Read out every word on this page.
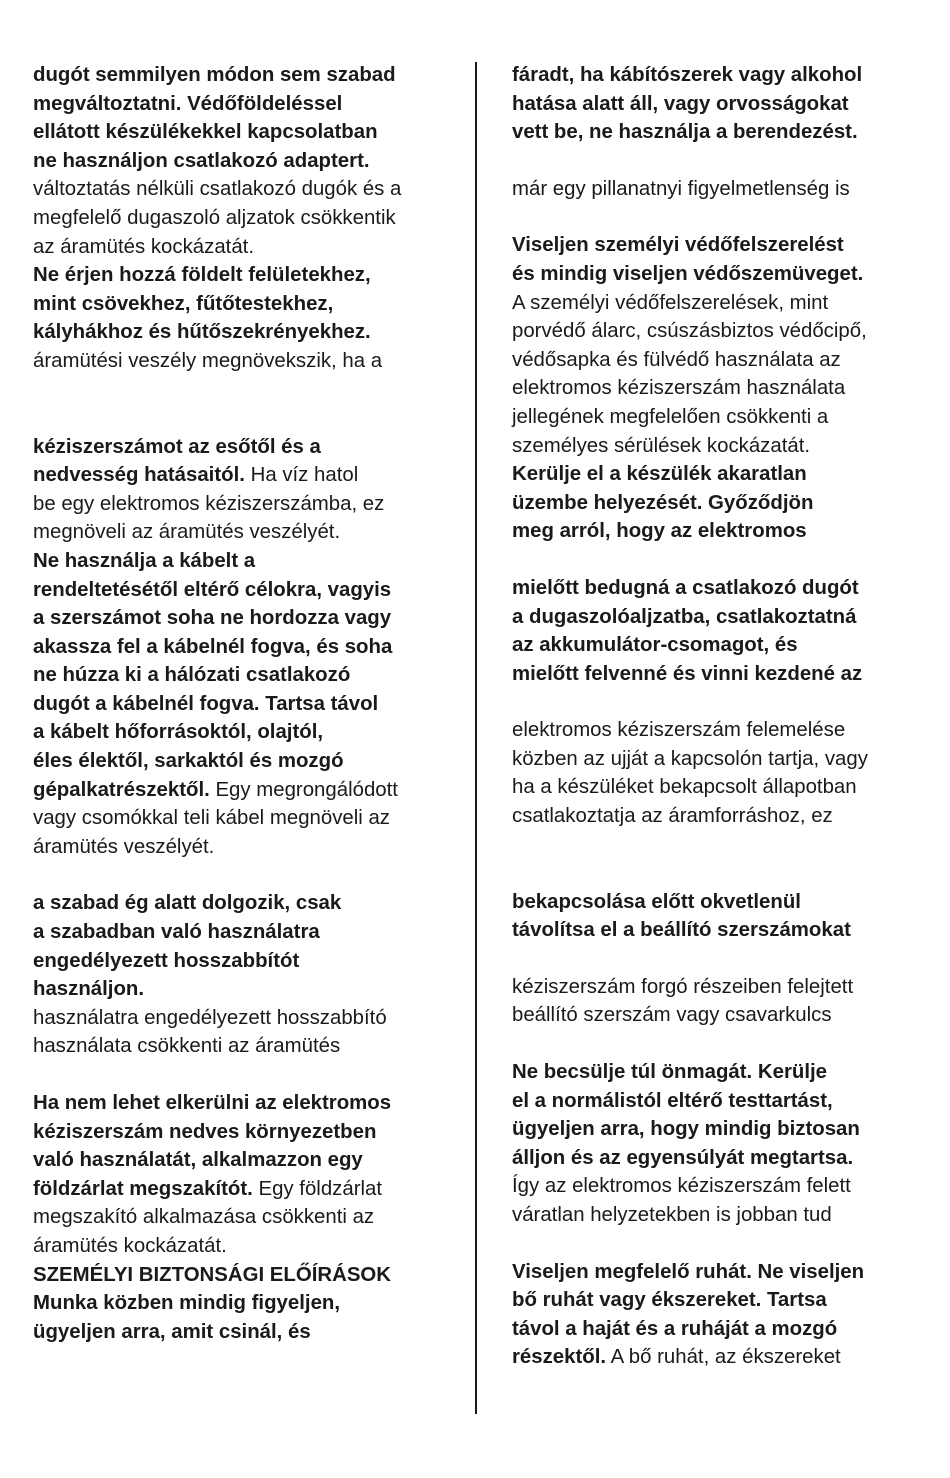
dugót semmilyen módon sem szabad
megváltoztatni. Védőföldeléssel
ellátott készülékekkel kapcsolatban
ne használjon csatlakozó adaptert.
változtatás nélküli csatlakozó dugók és a
megfelelő dugaszoló aljzatok csökkentik
az áramütés kockázatát.
Ne érjen hozzá földelt felületekhez,
mint csövekhez, fűtőtestekhez,
kályhákhoz és hűtőszekrényekhez.
áramütési veszély megnövekszik, ha a
kéziszerszámot az esőtől és a
nedvesség hatásaitól. Ha víz hatol
be egy elektromos kéziszerszámba, ez
megnöveli az áramütés veszélyét.
Ne használja a kábelt a
rendeltetésétől eltérő célokra, vagyis
a szerszámot soha ne hordozza vagy
akassza fel a kábelnél fogva, és soha
ne húzza ki a hálózati csatlakozó
dugót a kábelnél fogva. Tartsa távol
a kábelt hőforrásoktól, olajtól,
éles élektől, sarkaktól és mozgó
gépalkatrészektől. Egy megrongálódott
vagy csomókkal teli kábel megnöveli az
áramütés veszélyét.
a szabad ég alatt dolgozik, csak
a szabadban való használatra
engedélyezett hosszabbítót
használjon.
használatra engedélyezett hosszabbító
használata csökkenti az áramütés
Ha nem lehet elkerülni az elektromos
kéziszerszám nedves környezetben
való használatát, alkalmazzon egy
földzárlat megszakítót. Egy földzárlat
megszakító alkalmazása csökkenti az
áramütés kockázatát.
SZEMÉLYI BIZTONSÁGI ELŐÍRÁSOK
Munka közben mindig figyeljen,
ügyeljen arra, amit csinál, és
fáradt, ha kábítószerek vagy alkohol
hatása alatt áll, vagy orvosságokat
vett be, ne használja a berendezést.
már egy pillanatnyi figyelmetlenség is
Viseljen személyi védőfelszerelést
és mindig viseljen védőszemüveget.
A személyi védőfelszerelések, mint
porvédő álarc, csúszásbiztos védőcipő,
védősapka és fülvédő használata az
elektromos kéziszerszám használata
jellegének megfelelően csökkenti a
személyes sérülések kockázatát.
Kerülje el a készülék akaratlan
üzembe helyezését. Győződjön
meg arról, hogy az elektromos
mielőtt bedugná a csatlakozó dugót
a dugaszolóaljzatba, csatlakoztatná
az akkumulátor-csomagot, és
mielőtt felvenné és vinni kezdené az
elektromos kéziszerszám felemelése
közben az ujját a kapcsolón tartja, vagy
ha a készüléket bekapcsolt állapotban
csatlakoztatja az áramforráshoz, ez
bekapcsolása előtt okvetlenül
távolítsa el a beállító szerszámokat
kéziszerszám forgó részeiben felejtett
beállító szerszám vagy csavarkulcs
Ne becsülje túl önmagát. Kerülje
el a normálistól eltérő testtartást,
ügyeljen arra, hogy mindig biztosan
álljon és az egyensúlyát megtartsa.
Így az elektromos kéziszerszám felett
váratlan helyzetekben is jobban tud
Viseljen megfelelő ruhát. Ne viseljen
bő ruhát vagy ékszereket. Tartsa
távol a haját és a ruháját a mozgó
részektől. A bő ruhát, az ékszereket
